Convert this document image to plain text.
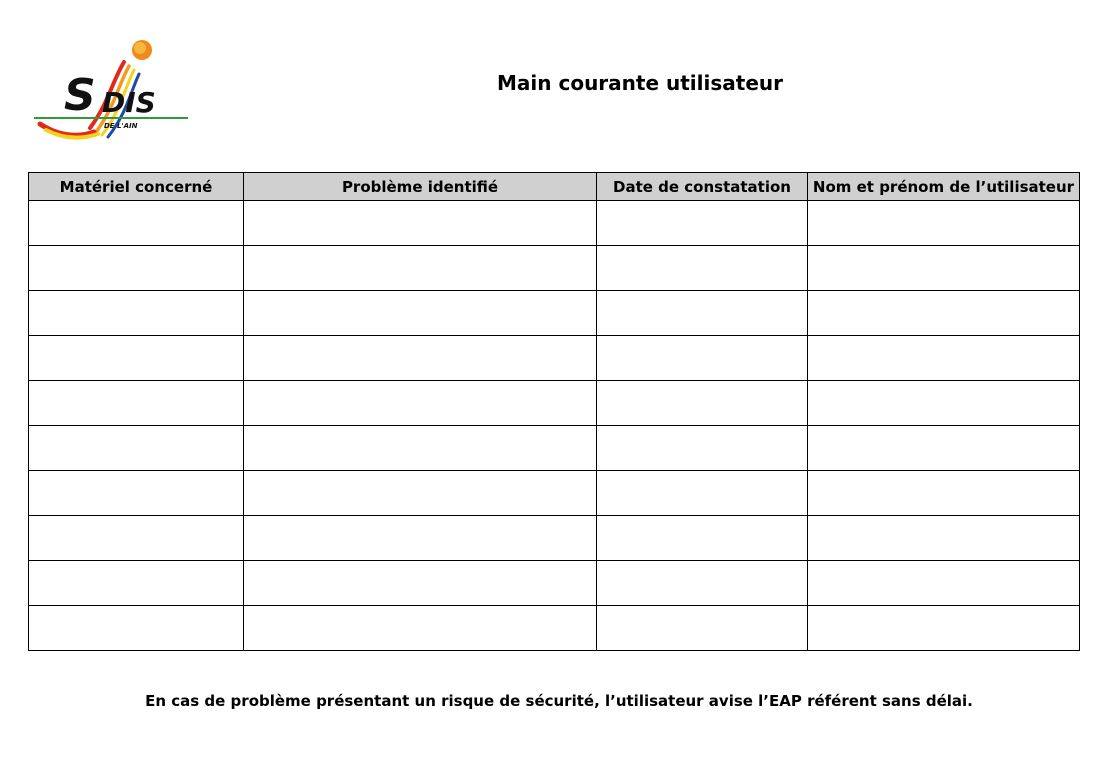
S DIS
DE L'AIN
Main courante utilisateur
Matériel concerné	Problème identifié	Date de constatation	Nom et prénom de l’utilisateur

En cas de problème présentant un risque de sécurité, l’utilisateur avise l’EAP référent sans délai.
